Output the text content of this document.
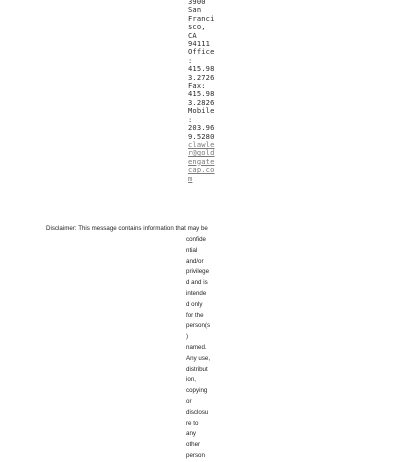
3900
San
Franci
sco,
CA
94111
Office
:
415.98
3.2726
Fax:
415.98
3.2826
Mobile
:
203.96
9.5280
clawle
r@gold
engate
cap.co
m
Disclaimer: This message contains information that may be
confide
ntial
and/or
privilege
d and is
intende
d only
for the
person(s
)
named.
Any use,
distribut
ion,
copying
or
disclosu
re to
any
other
person
